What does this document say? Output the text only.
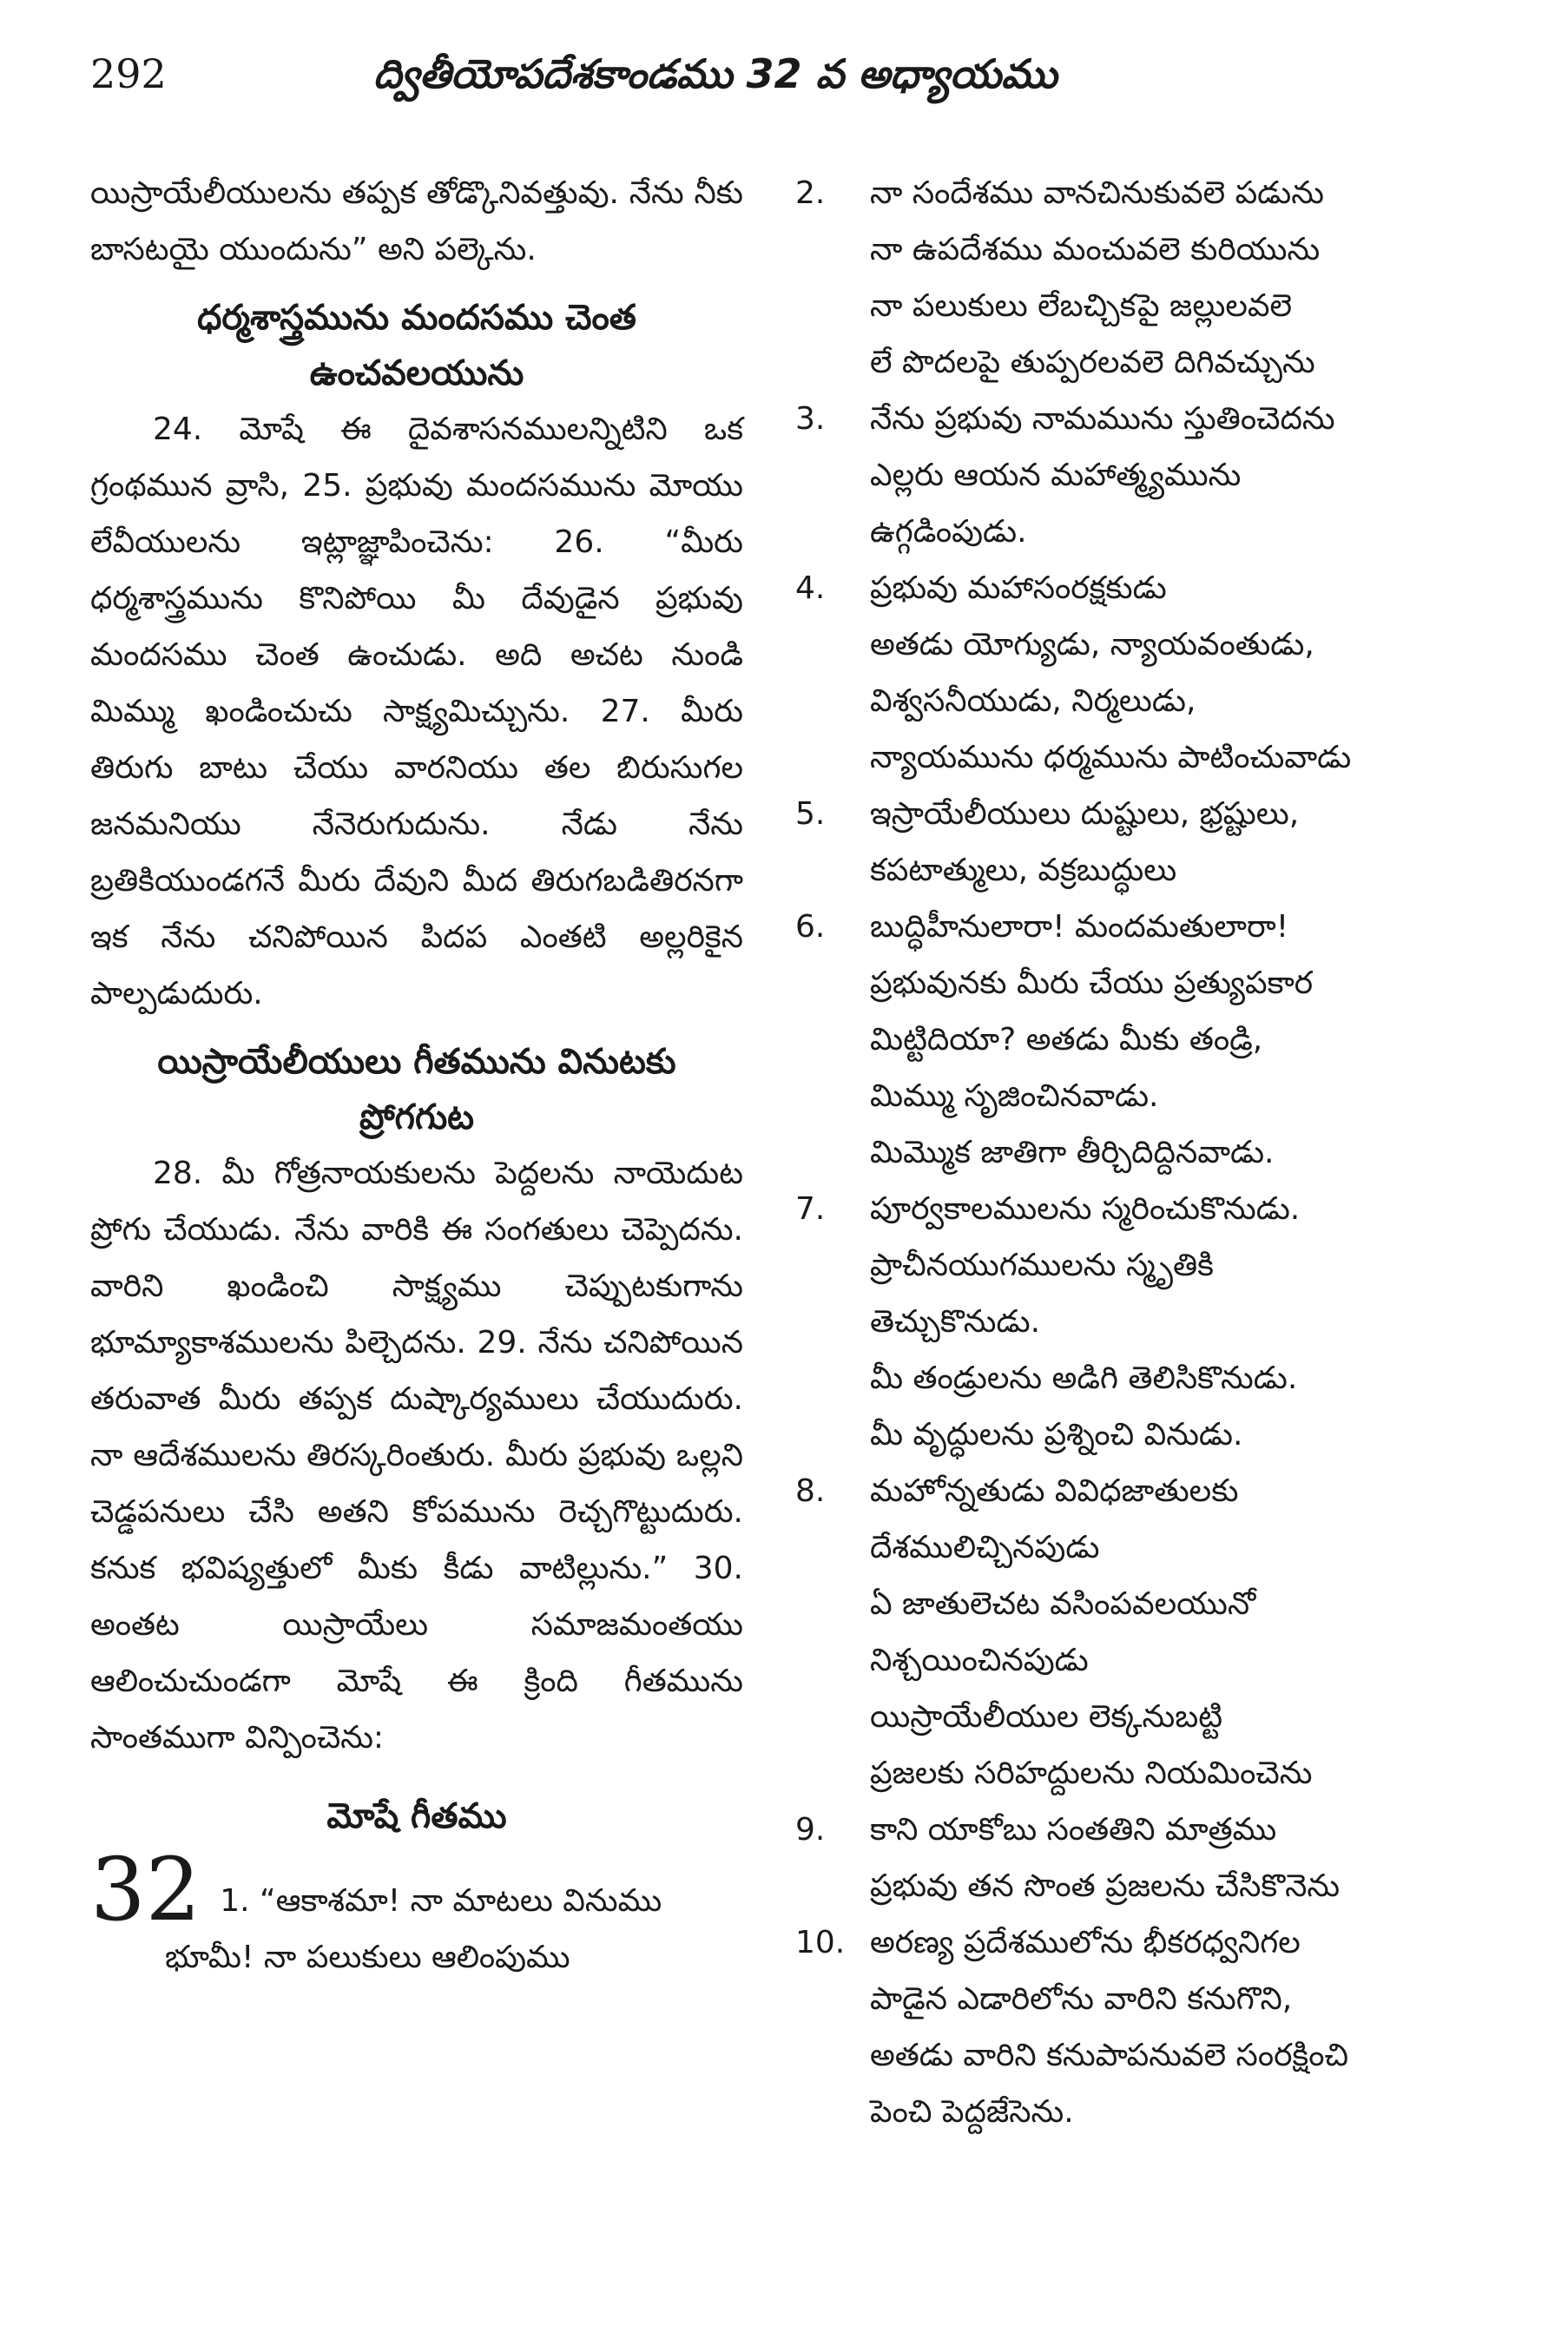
292	ద్వితీయోపదేశకాండము 32 వ అధ్యాయము

యిస్రాయేలీయులను తప్పక తోడ్కొనివత్తువు. నేను నీకు బాసటయై యుందును” అని పల్కెను.

ధర్మశాస్త్రమును మందసము చెంత
ఉంచవలయును

24. మోషే ఈ దైవశాసనములన్నిటిని ఒక గ్రంథమున వ్రాసి, 25. ప్రభువు మందసమును మోయు లేవీయులను ఇట్లాజ్ఞాపించెను: 26. “మీరు ధర్మశాస్త్రమును కొనిపోయి మీ దేవుడైన ప్రభువు మందసము చెంత ఉంచుడు. అది అచట నుండి మిమ్ము ఖండించుచు సాక్ష్యమిచ్చును. 27. మీరు తిరుగు బాటు చేయు వారనియు తల బిరుసుగల జనమనియు నేనెరుగుదును. నేడు నేను బ్రతికియుండగనే మీరు దేవుని మీద తిరుగబడితిరనగా ఇక నేను చనిపోయిన పిదప ఎంతటి అల్లరికైన పాల్పడుదురు.

యిస్రాయేలీయులు గీతమును వినుటకు
ప్రోగగుట

28. మీ గోత్రనాయకులను పెద్దలను నాయెదుట ప్రోగు చేయుడు. నేను వారికి ఈ సంగతులు చెప్పెదను. వారిని ఖండించి సాక్ష్యము చెప్పుటకుగాను భూమ్యాకాశములను పిల్చెదను. 29. నేను చనిపోయిన తరువాత మీరు తప్పక దుష్కార్యములు చేయుదురు. నా ఆదేశములను తిరస్కరింతురు. మీరు ప్రభువు ఒల్లని చెడ్డపనులు చేసి అతని కోపమును రెచ్చగొట్టుదురు. కనుక భవిష్యత్తులో మీకు కీడు వాటిల్లును.” 30. అంతట యిస్రాయేలు సమాజమంతయు ఆలించుచుండగా మోషే ఈ క్రింది గీతమును సాంతముగా విన్పించెను:

మోషే గీతము
32 1. “ఆకాశమా! నా మాటలు వినుము
భూమీ! నా పలుకులు ఆలింపుము
2.	నా సందేశము వానచినుకువలె పడును
నా ఉపదేశము మంచువలె కురియును
నా పలుకులు లేబచ్చికపై జల్లులవలె
లే పొదలపై తుప్పరలవలె దిగివచ్చును
3.	నేను ప్రభువు నామమును స్తుతించెదను
ఎల్లరు ఆయన మహాత్మ్యమును
ఉగ్గడింపుడు.
4.	ప్రభువు మహాసంరక్షకుడు
అతడు యోగ్యుడు, న్యాయవంతుడు,
విశ్వసనీయుడు, నిర్మలుడు,
న్యాయమును ధర్మమును పాటించువాడు
5.	ఇస్రాయేలీయులు దుష్టులు, భ్రష్టులు,
కపటాత్ములు, వక్రబుద్ధులు
6.	బుద్ధిహీనులారా! మందమతులారా!
ప్రభువునకు మీరు చేయు ప్రత్యుపకార
మిట్టిదియా? అతడు మీకు తండ్రి,
మిమ్ము సృజించినవాడు.
మిమ్మొక జాతిగా తీర్చిదిద్దినవాడు.
7.	పూర్వకాలములను స్మరించుకొనుడు.
ప్రాచీనయుగములను స్మృతికి
తెచ్చుకొనుడు.
మీ తండ్రులను అడిగి తెలిసికొనుడు.
మీ వృద్ధులను ప్రశ్నించి వినుడు.
8.	మహోన్నతుడు వివిధజాతులకు
దేశములిచ్చినపుడు
ఏ జాతులెచట వసింపవలయునో
నిశ్చయించినపుడు
యిస్రాయేలీయుల లెక్కనుబట్టి
ప్రజలకు సరిహద్దులను నియమించెను
9.	కాని యాకోబు సంతతిని మాత్రము
ప్రభువు తన సొంత ప్రజలను చేసికొనెను
10. అరణ్య ప్రదేశములోను భీకరధ్వనిగల
పాడైన ఎడారిలోను వారిని కనుగొని,
అతడు వారిని కనుపాపనువలె సంరక్షించి
పెంచి పెద్దజేసెను.
